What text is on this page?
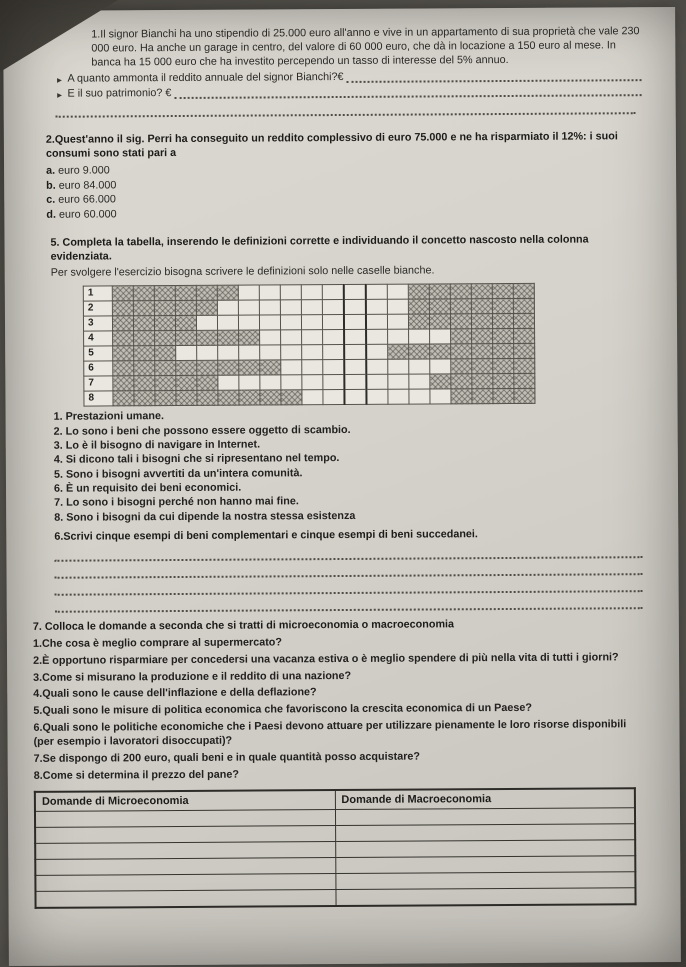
1.Il signor Bianchi ha uno stipendio di 25.000 euro all'anno e vive in un appartamento di sua proprietà che vale 230 000 euro. Ha anche un garage in centro, del valore di 60 000 euro, che dà in locazione a 150 euro al mese. In banca ha 15 000 euro che ha investito percependo un tasso di interesse del 5% annuo.

► A quanto ammonta il reddito annuale del signor Bianchi?€
► E il suo patrimonio? €

2.Quest'anno il sig. Perri ha conseguito un reddito complessivo di euro 75.000 e ne ha risparmiato il 12%: i suoi consumi sono stati pari a

a. euro 9.000
b. euro 84.000
c. euro 66.000
d. euro 60.000

5. Completa la tabella, inserendo le definizioni corrette e individuando il concetto nascosto nella colonna evidenziata.

Per svolgere l'esercizio bisogna scrivere le definizioni solo nelle caselle bianche.

1																				
2																				
3																				
4																				
5																				
6																				
7																				
8																				
1. Prestazioni umane.
2. Lo sono i beni che possono essere oggetto di scambio.
3. Lo è il bisogno di navigare in Internet.
4. Si dicono tali i bisogni che si ripresentano nel tempo.
5. Sono i bisogni avvertiti da un'intera comunità.
6. È un requisito dei beni economici.
7. Lo sono i bisogni perché non hanno mai fine.
8. Sono i bisogni da cui dipende la nostra stessa esistenza

6.Scrivi cinque esempi di beni complementari e cinque esempi di beni succedanei.

7. Colloca le domande a seconda che si tratti di microeconomia o macroeconomia

1.Che cosa è meglio comprare al supermercato?
2.È opportuno risparmiare per concedersi una vacanza estiva o è meglio spendere di più nella vita di tutti i giorni?
3.Come si misurano la produzione e il reddito di una nazione?
4.Quali sono le cause dell'inflazione e della deflazione?
5.Quali sono le misure di politica economica che favoriscono la crescita economica di un Paese?
6.Quali sono le politiche economiche che i Paesi devono attuare per utilizzare pienamente le loro risorse disponibili (per esempio i lavoratori disoccupati)?
7.Se dispongo di 200 euro, quali beni e in quale quantità posso acquistare?
8.Come si determina il prezzo del pane?
Domande di Microeconomia	Domande di Macroeconomia
